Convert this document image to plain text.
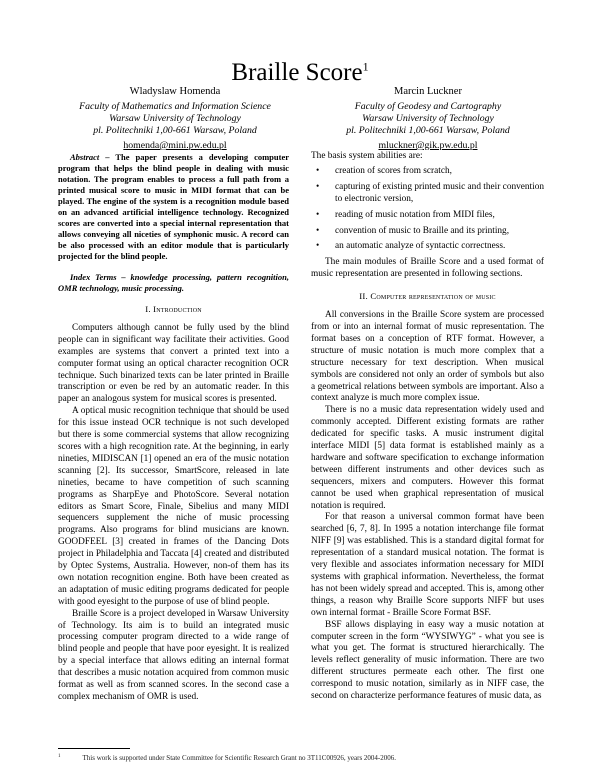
Braille Score$^1$
Wladyslaw Homenda
Faculty of Mathematics and Information Science
Warsaw University of Technology
pl. Politechniki 1,00-661 Warsaw, Poland
homenda@mini.pw.edu.pl
Marcin Luckner
Faculty of Geodesy and Cartography
Warsaw University of Technology
pl. Politechniki 1,00-661 Warsaw, Poland
mluckner@gik.pw.edu.pl

Abstract – The paper presents a developing computer program that helps the blind people in dealing with music notation. The program enables to process a full path from a printed musical score to music in MIDI format that can be played. The engine of the system is a recognition module based on an advanced artificial intelligence technology. Recognized scores are converted into a special internal representation that allows conveying all niceties of symphonic music. A record can be also processed with an editor module that is particularly projected for the blind people.

Index Terms – knowledge processing, pattern recognition, OMR technology, music processing.

I. Introduction

Computers although cannot be fully used by the blind people can in significant way facilitate their activities. Good examples are systems that convert a printed text into a computer format using an optical character recognition OCR technique. Such binarized texts can be later printed in Braille transcription or even be red by an automatic reader. In this paper an analogous system for musical scores is presented.

A optical music recognition technique that should be used for this issue instead OCR technique is not such developed but there is some commercial systems that allow recognizing scores with a high recognition rate. At the beginning, in early nineties, MIDISCAN [1] opened an era of the music notation scanning [2]. Its successor, SmartScore, released in late nineties, became to have competition of such scanning programs as SharpEye and PhotoScore. Several notation editors as Smart Score, Finale, Sibelius and many MIDI sequencers supplement the niche of music processing programs. Also programs for blind musicians are known. GOODFEEL [3] created in frames of the Dancing Dots project in Philadelphia and Taccata [4] created and distributed by Optec Systems, Australia. However, non-of them has its own notation recognition engine. Both have been created as an adaptation of music editing programs dedicated for people with good eyesight to the purpose of use of blind people.

Braille Score is a project developed in Warsaw University of Technology. Its aim is to build an integrated music processing computer program directed to a wide range of blind people and people that have poor eyesight. It is realized by a special interface that allows editing an internal format that describes a music notation acquired from common music format as well as from scanned scores. In the second case a complex mechanism of OMR is used.

The basis system abilities are:

• creation of scores from scratch,
• capturing of existing printed music and their convention to electronic version,
• reading of music notation from MIDI files,
• convention of music to Braille and its printing,
• an automatic analyze of syntactic correctness.

The main modules of Braille Score and a used format of music representation are presented in following sections.

II. Computer representation of music

All conversions in the Braille Score system are processed from or into an internal format of music representation. The format bases on a conception of RTF format. However, a structure of music notation is much more complex that a structure necessary for text description. When musical symbols are considered not only an order of symbols but also a geometrical relations between symbols are important. Also a context analyze is much more complex issue.

There is no a music data representation widely used and commonly accepted. Different existing formats are rather dedicated for specific tasks. A music instrument digital interface MIDI [5] data format is established mainly as a hardware and software specification to exchange information between different instruments and other devices such as sequencers, mixers and computers. However this format cannot be used when graphical representation of musical notation is required.

For that reason a universal common format have been searched [6, 7, 8]. In 1995 a notation interchange file format NIFF [9] was established. This is a standard digital format for representation of a standard musical notation. The format is very flexible and associates information necessary for MIDI systems with graphical information. Nevertheless, the format has not been widely spread and accepted. This is, among other things, a reason why Braille Score supports NIFF but uses own internal format - Braille Score Format BSF.

BSF allows displaying in easy way a music notation at computer screen in the form “WYSIWYG” - what you see is what you get. The format is structured hierarchically. The levels reflect generality of music information. There are two different structures permeate each other. The first one correspond to music notation, similarly as in NIFF case, the second on characterize performance features of music data, as

$^1$	This work is supported under State Committee for Scientific Research Grant no 3T11C00926, years 2004-2006.
